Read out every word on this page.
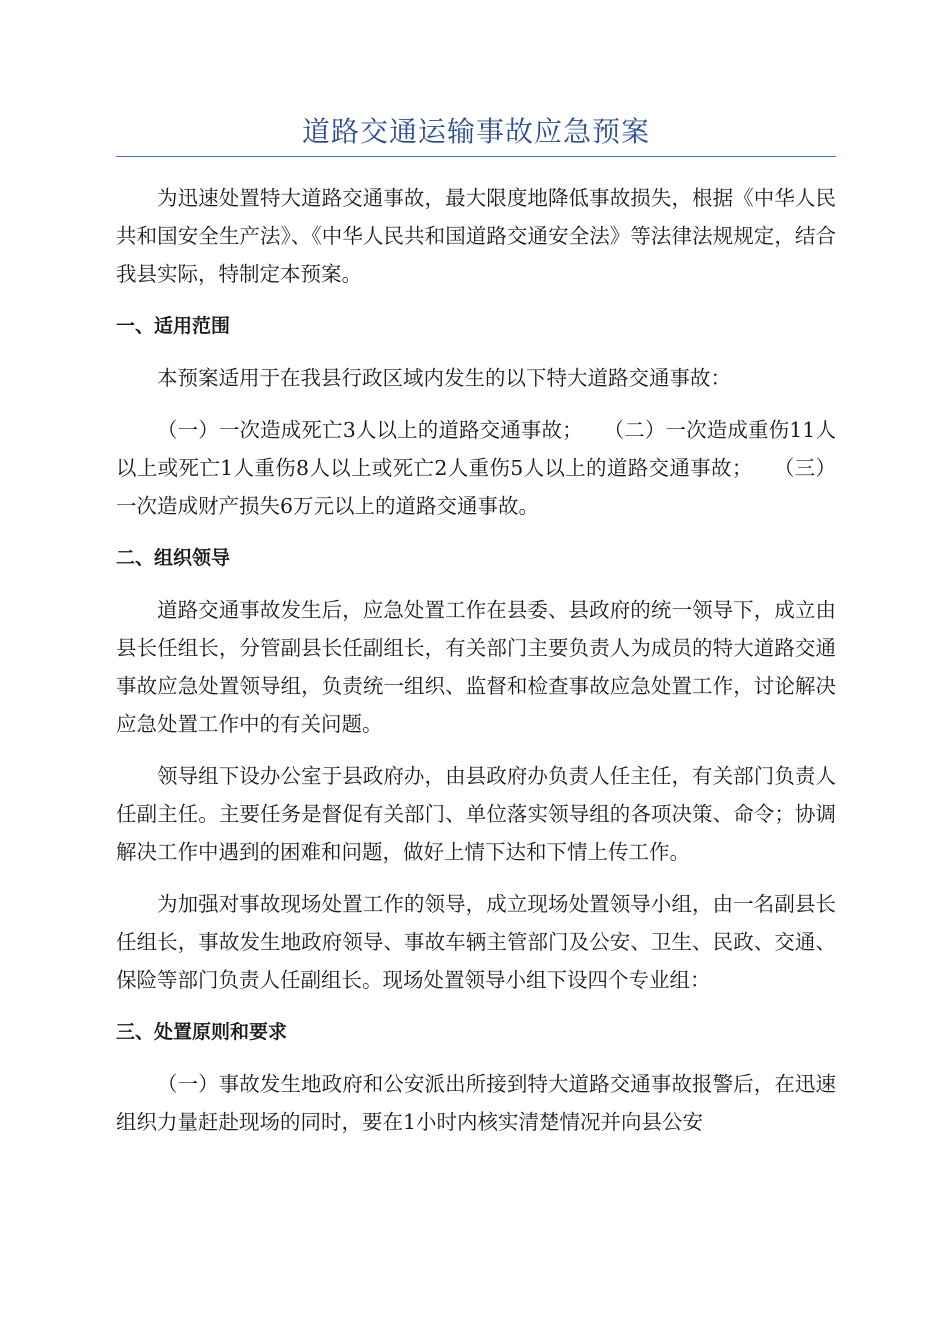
道路交通运输事故应急预案

为迅速处置特大道路交通事故，最大限度地降低事故损失，根据《中华人民共和国安全生产法》、《中华人民共和国道路交通安全法》等法律法规规定，结合我县实际，特制定本预案。

一、适用范围

本预案适用于在我县行政区域内发生的以下特大道路交通事故：

（一）一次造成死亡3人以上的道路交通事故；　　（二）一次造成重伤11人以上或死亡1人重伤8人以上或死亡2人重伤5人以上的道路交通事故；　　（三）一次造成财产损失6万元以上的道路交通事故。

二、组织领导

道路交通事故发生后，应急处置工作在县委、县政府的统一领导下，成立由县长任组长，分管副县长任副组长，有关部门主要负责人为成员的特大道路交通事故应急处置领导组，负责统一组织、监督和检查事故应急处置工作，讨论解决应急处置工作中的有关问题。

领导组下设办公室于县政府办，由县政府办负责人任主任，有关部门负责人任副主任。主要任务是督促有关部门、单位落实领导组的各项决策、命令；协调解决工作中遇到的困难和问题，做好上情下达和下情上传工作。

为加强对事故现场处置工作的领导，成立现场处置领导小组，由一名副县长任组长，事故发生地政府领导、事故车辆主管部门及公安、卫生、民政、交通、保险等部门负责人任副组长。现场处置领导小组下设四个专业组：

三、处置原则和要求

（一）事故发生地政府和公安派出所接到特大道路交通事故报警后，在迅速组织力量赶赴现场的同时，要在1小时内核实清楚情况并向县公安
